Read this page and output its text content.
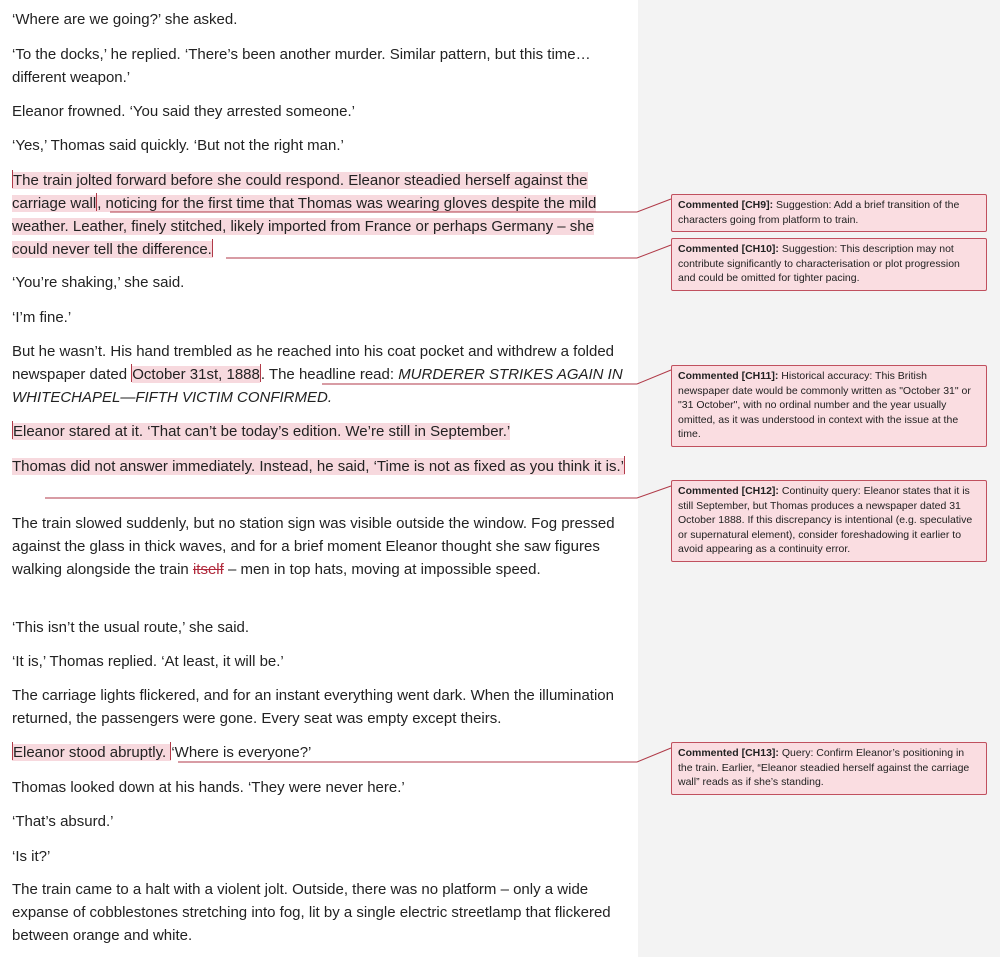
‘Where are we going?’ she asked.

‘To the docks,’ he replied. ‘There’s been another murder. Similar pattern, but this time… different weapon.’

Eleanor frowned. ‘You said they arrested someone.’

‘Yes,’ Thomas said quickly. ‘But not the right man.’

The train jolted forward before she could respond. Eleanor steadied herself against the carriage wall, noticing for the first time that Thomas was wearing gloves despite the mild weather. Leather, finely stitched, likely imported from France or perhaps Germany – she could never tell the difference.

‘You’re shaking,’ she said.

‘I’m fine.’

But he wasn’t. His hand trembled as he reached into his coat pocket and withdrew a folded newspaper dated October 31st, 1888. The headline read: MURDERER STRIKES AGAIN IN WHITECHAPEL—FIFTH VICTIM CONFIRMED.

Eleanor stared at it. ‘That can’t be today’s edition. We’re still in September.’

Thomas did not answer immediately. Instead, he said, ‘Time is not as fixed as you think it is.’

The train slowed suddenly, but no station sign was visible outside the window. Fog pressed against the glass in thick waves, and for a brief moment Eleanor thought she saw figures walking alongside the train itself – men in top hats, moving at impossible speed.

‘This isn’t the usual route,’ she said.

‘It is,’ Thomas replied. ‘At least, it will be.’

The carriage lights flickered, and for an instant everything went dark. When the illumination returned, the passengers were gone. Every seat was empty except theirs.

Eleanor stood abruptly. ‘Where is everyone?’

Thomas looked down at his hands. ‘They were never here.’

‘That’s absurd.’

‘Is it?’

The train came to a halt with a violent jolt. Outside, there was no platform – only a wide expanse of cobblestones stretching into fog, lit by a single electric streetlamp that flickered between orange and white.

Commented [CH9]: Suggestion: Add a brief transition of the characters going from platform to train.
Commented [CH10]: Suggestion: This description may not contribute significantly to characterisation or plot progression and could be omitted for tighter pacing.
Commented [CH11]: Historical accuracy: This British newspaper date would be commonly written as "October 31" or "31 October", with no ordinal number and the year usually omitted, as it was understood in context with the issue at the time.
Commented [CH12]: Continuity query: Eleanor states that it is still September, but Thomas produces a newspaper dated 31 October 1888. If this discrepancy is intentional (e.g. speculative or supernatural element), consider foreshadowing it earlier to avoid appearing as a continuity error.
Commented [CH13]: Query: Confirm Eleanor’s positioning in the train. Earlier, “Eleanor steadied herself against the carriage wall” reads as if she’s standing.
